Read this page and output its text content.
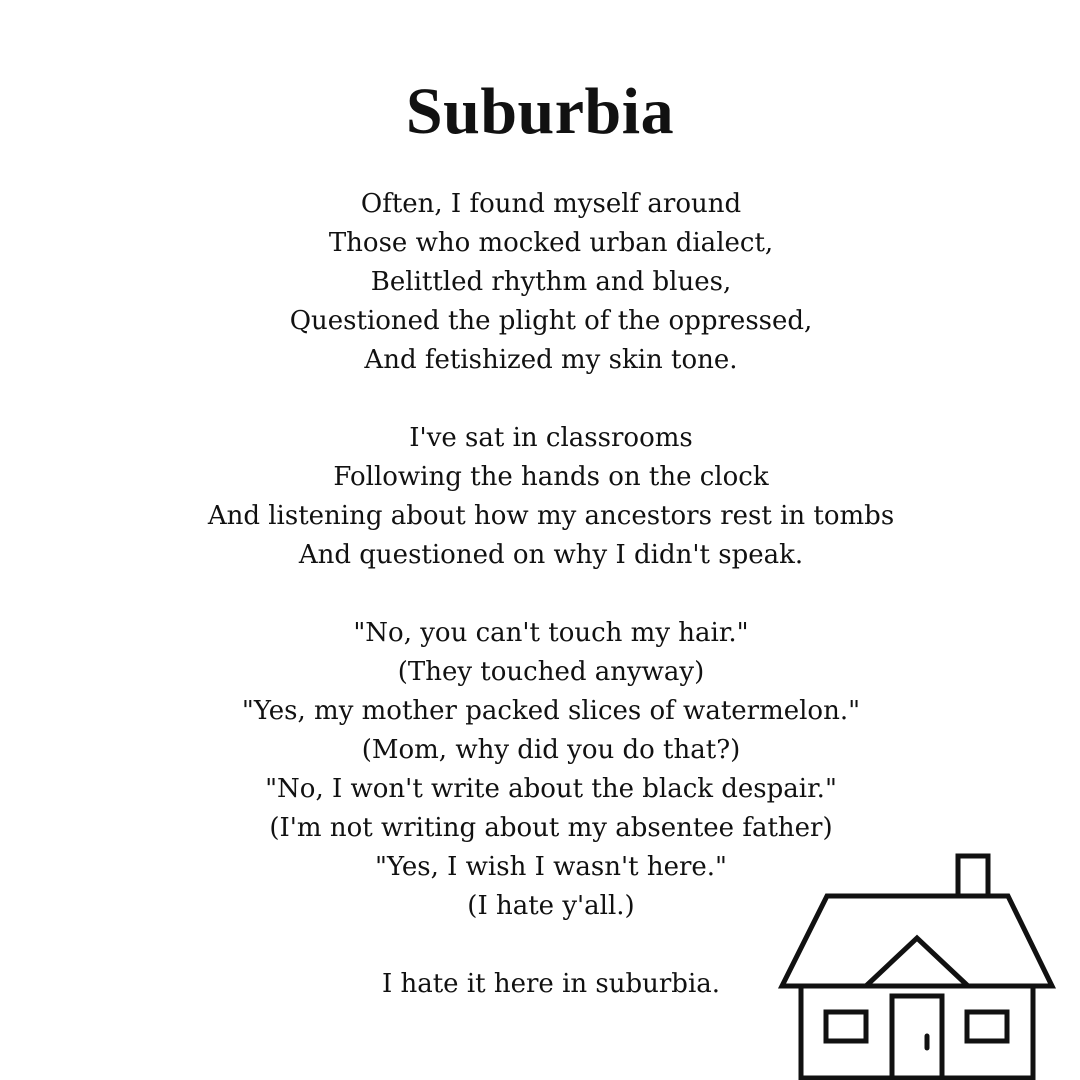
Suburbia
Often, I found myself around
Those who mocked urban dialect,
Belittled rhythm and blues,
Questioned the plight of the oppressed,
And fetishized my skin tone.
I've sat in classrooms
Following the hands on the clock
And listening about how my ancestors rest in tombs
And questioned on why I didn't speak.
"No, you can't touch my hair."
(They touched anyway)
"Yes, my mother packed slices of watermelon."
(Mom, why did you do that?)
"No, I won't write about the black despair."
(I'm not writing about my absentee father)
"Yes, I wish I wasn't here."
(I hate y'all.)
I hate it here in suburbia.
